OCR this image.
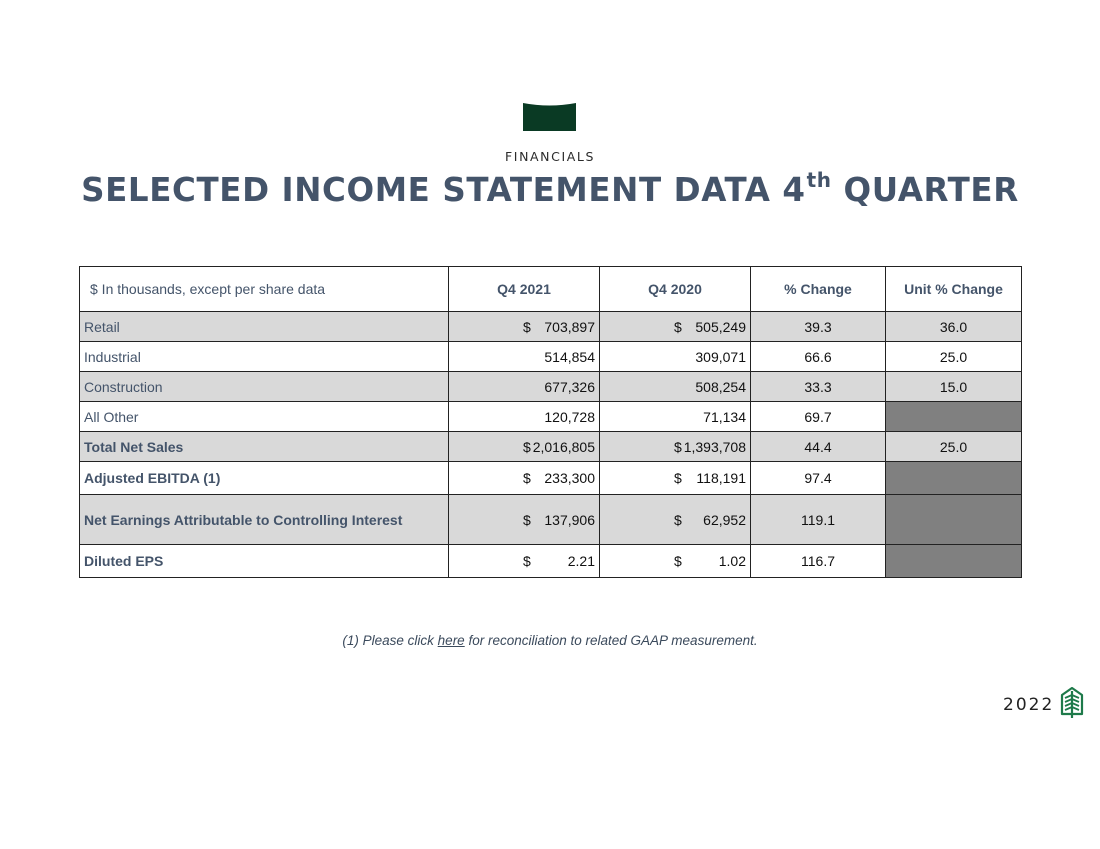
FINANCIALS
SELECTED INCOME STATEMENT DATA 4th QUARTER
$ In thousands, except per share data	Q4 2021	Q4 2020	% Change	Unit % Change
Retail	$ 703,897	$ 505,249	39.3	36.0
Industrial	514,854	309,071	66.6	25.0
Construction	677,326	508,254	33.3	15.0
All Other	120,728	71,134	69.7	
Total Net Sales	$ 2,016,805	$ 1,393,708	44.4	25.0
Adjusted EBITDA (1)	$ 233,300	$ 118,191	97.4	
Net Earnings Attributable to Controlling Interest	$ 137,906	$ 62,952	119.1	
Diluted EPS	$ 2.21	$ 1.02	116.7	
(1) Please click here for reconciliation to related GAAP measurement.
2022
